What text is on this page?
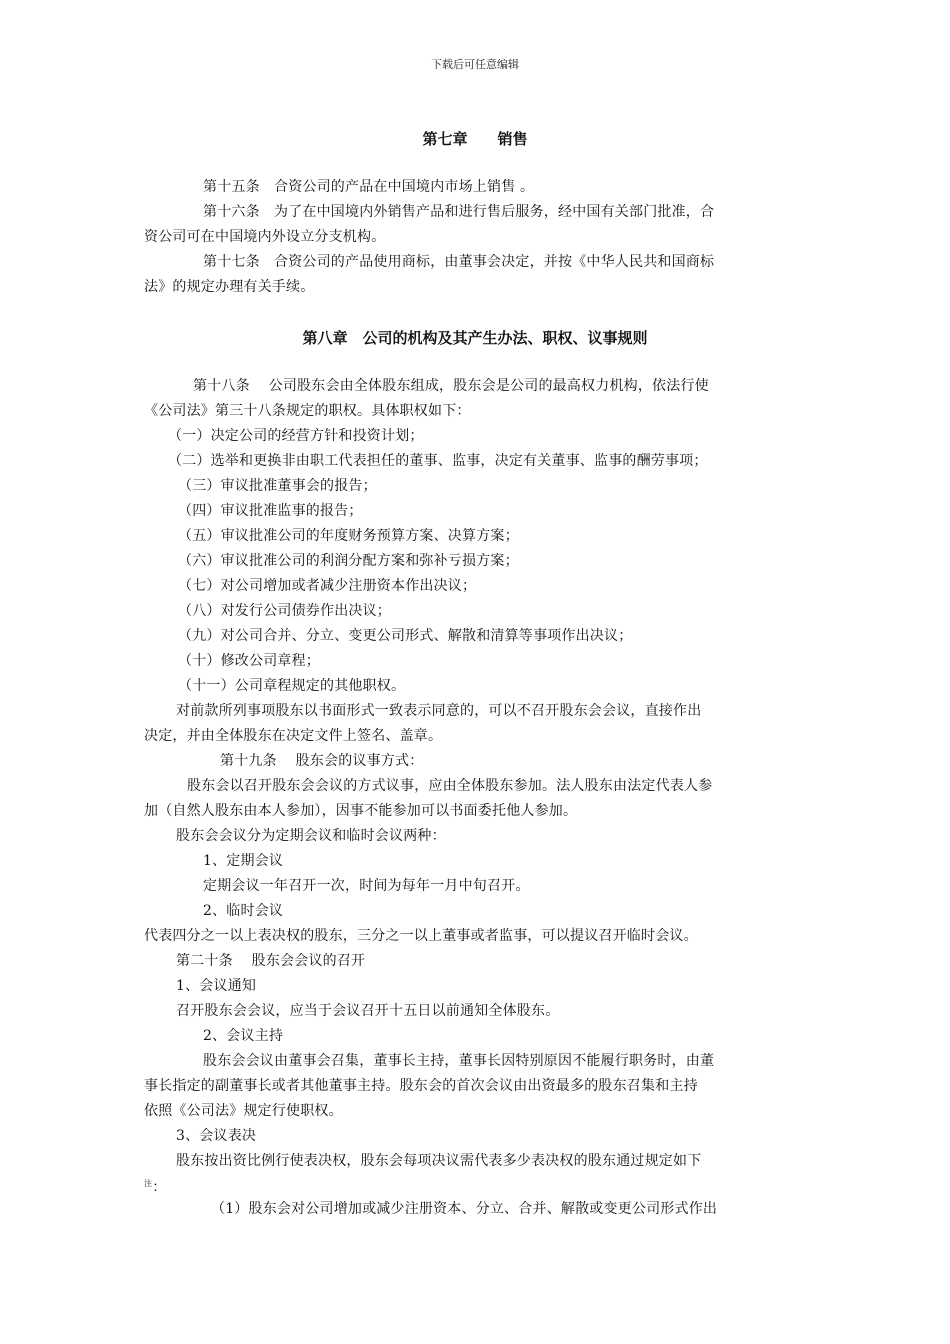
下载后可任意编辑
第七章　　销售
第十五条　合资公司的产品在中国境内市场上销售 。
第十六条　为了在中国境内外销售产品和进行售后服务，经中国有关部门批准，合
资公司可在中国境内外设立分支机构。
第十七条　合资公司的产品使用商标，由董事会决定，并按《中华人民共和国商标
法》的规定办理有关手续。
第八章　公司的机构及其产生办法、职权、议事规则
第十八条　 公司股东会由全体股东组成，股东会是公司的最高权力机构，依法行使
《公司法》第三十八条规定的职权。具体职权如下：
（一）决定公司的经营方针和投资计划；
（二）选举和更换非由职工代表担任的董事、监事，决定有关董事、监事的酬劳事项；
（三）审议批准董事会的报告；
（四）审议批准监事的报告；
（五）审议批准公司的年度财务预算方案、决算方案；
（六）审议批准公司的利润分配方案和弥补亏损方案；
（七）对公司增加或者减少注册资本作出决议；
（八）对发行公司债券作出决议；
（九）对公司合并、分立、变更公司形式、解散和清算等事项作出决议；
（十）修改公司章程；
（十一）公司章程规定的其他职权。
对前款所列事项股东以书面形式一致表示同意的，可以不召开股东会会议，直接作出
决定，并由全体股东在决定文件上签名、盖章。
第十九条　 股东会的议事方式：
股东会以召开股东会会议的方式议事，应由全体股东参加。法人股东由法定代表人参
加（自然人股东由本人参加），因事不能参加可以书面委托他人参加。
股东会会议分为定期会议和临时会议两种：
1、定期会议
定期会议一年召开一次，时间为每年一月中旬召开。
2、临时会议
代表四分之一以上表决权的股东，三分之一以上董事或者监事，可以提议召开临时会议。
第二十条　 股东会会议的召开
1、会议通知
召开股东会会议，应当于会议召开十五日以前通知全体股东。
2、会议主持
股东会会议由董事会召集，董事长主持，董事长因特别原因不能履行职务时，由董
事长指定的副董事长或者其他董事主持。股东会的首次会议由出资最多的股东召集和主持
依照《公司法》规定行使职权。
3、会议表决
股东按出资比例行使表决权，股东会每项决议需代表多少表决权的股东通过规定如下
$^注$：
（1）股东会对公司增加或减少注册资本、分立、合并、解散或变更公司形式作出
